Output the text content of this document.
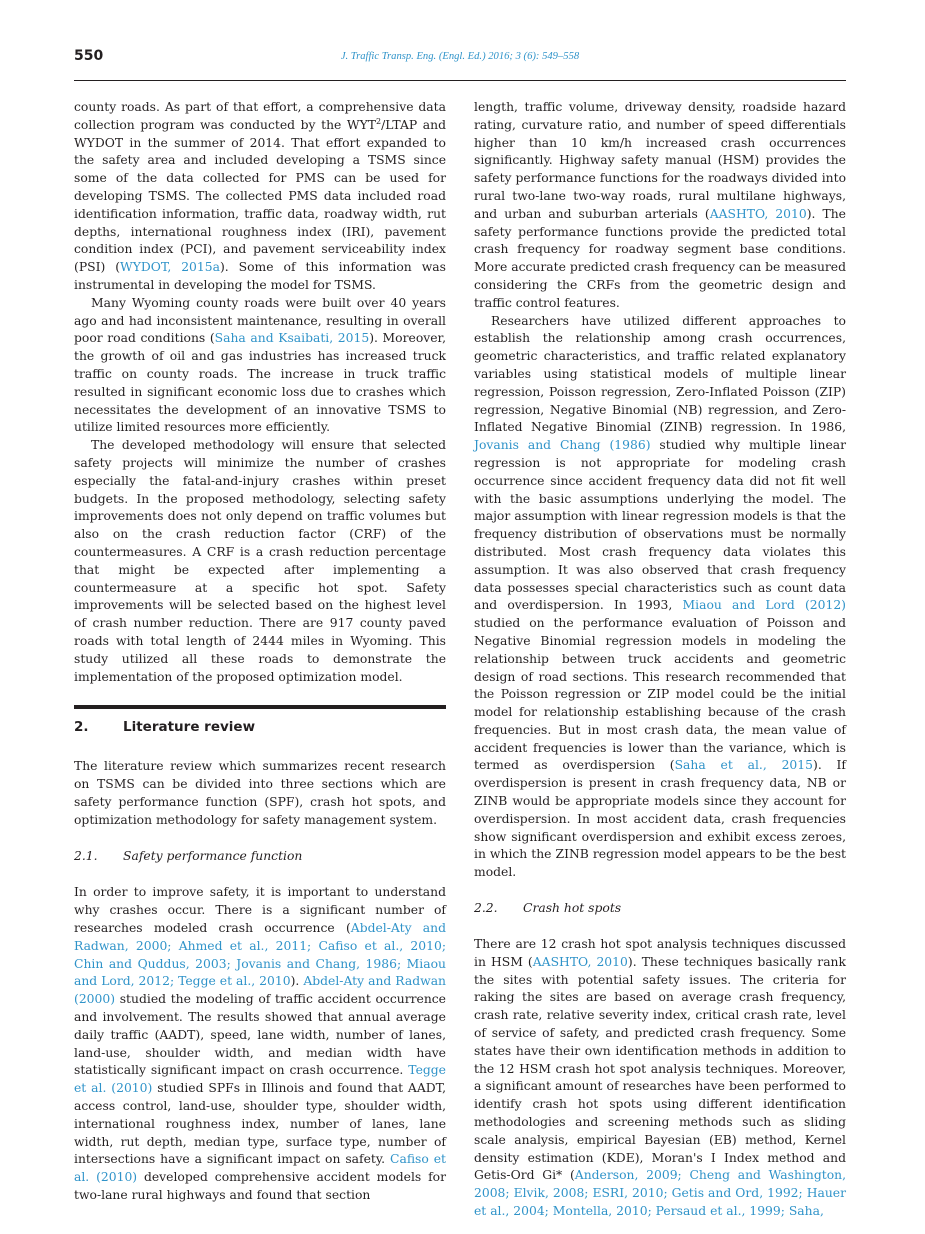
550	J. Traffic Transp. Eng. (Engl. Ed.) 2016; 3 (6): 549–558

county roads. As part of that effort, a comprehensive data collection program was conducted by the WYT$^2$/LTAP and WYDOT in the summer of 2014. That effort expanded to the safety area and included developing a TSMS since some of the data collected for PMS can be used for developing TSMS. The collected PMS data included road identification information, traffic data, roadway width, rut depths, international roughness index (IRI), pavement condition index (PCI), and pavement serviceability index (PSI) (WYDOT, 2015a). Some of this information was instrumental in developing the model for TSMS.

Many Wyoming county roads were built over 40 years ago and had inconsistent maintenance, resulting in overall poor road conditions (Saha and Ksaibati, 2015). Moreover, the growth of oil and gas industries has increased truck traffic on county roads. The increase in truck traffic resulted in significant economic loss due to crashes which necessitates the development of an innovative TSMS to utilize limited resources more efficiently.

The developed methodology will ensure that selected safety projects will minimize the number of crashes especially the fatal-and-injury crashes within preset budgets. In the proposed methodology, selecting safety improvements does not only depend on traffic volumes but also on the crash reduction factor (CRF) of the countermeasures. A CRF is a crash reduction percentage that might be expected after implementing a countermeasure at a specific hot spot. Safety improvements will be selected based on the highest level of crash number reduction. There are 917 county paved roads with total length of 2444 miles in Wyoming. This study utilized all these roads to demonstrate the implementation of the proposed optimization model.

2.	Literature review

The literature review which summarizes recent research on TSMS can be divided into three sections which are safety performance function (SPF), crash hot spots, and optimization methodology for safety management system.

2.1. Safety performance function

In order to improve safety, it is important to understand why crashes occur. There is a significant number of researches modeled crash occurrence (Abdel-Aty and Radwan, 2000; Ahmed et al., 2011; Cafiso et al., 2010; Chin and Quddus, 2003; Jovanis and Chang, 1986; Miaou and Lord, 2012; Tegge et al., 2010). Abdel-Aty and Radwan (2000) studied the modeling of traffic accident occurrence and involvement. The results showed that annual average daily traffic (AADT), speed, lane width, number of lanes, land-use, shoulder width, and median width have statistically significant impact on crash occurrence. Tegge et al. (2010) studied SPFs in Illinois and found that AADT, access control, land-use, shoulder type, shoulder width, international roughness index, number of lanes, lane width, rut depth, median type, surface type, number of intersections have a significant impact on safety. Cafiso et al. (2010) developed comprehensive accident models for two-lane rural highways and found that section

length, traffic volume, driveway density, roadside hazard rating, curvature ratio, and number of speed differentials higher than 10 km/h increased crash occurrences significantly. Highway safety manual (HSM) provides the safety performance functions for the roadways divided into rural two-lane two-way roads, rural multilane highways, and urban and suburban arterials (AASHTO, 2010). The safety performance functions provide the predicted total crash frequency for roadway segment base conditions. More accurate predicted crash frequency can be measured considering the CRFs from the geometric design and traffic control features.

Researchers have utilized different approaches to establish the relationship among crash occurrences, geometric characteristics, and traffic related explanatory variables using statistical models of multiple linear regression, Poisson regression, Zero-Inflated Poisson (ZIP) regression, Negative Binomial (NB) regression, and Zero-Inflated Negative Binomial (ZINB) regression. In 1986, Jovanis and Chang (1986) studied why multiple linear regression is not appropriate for modeling crash occurrence since accident frequency data did not fit well with the basic assumptions underlying the model. The major assumption with linear regression models is that the frequency distribution of observations must be normally distributed. Most crash frequency data violates this assumption. It was also observed that crash frequency data possesses special characteristics such as count data and overdispersion. In 1993, Miaou and Lord (2012) studied on the performance evaluation of Poisson and Negative Binomial regression models in modeling the relationship between truck accidents and geometric design of road sections. This research recommended that the Poisson regression or ZIP model could be the initial model for relationship establishing because of the crash frequencies. But in most crash data, the mean value of accident frequencies is lower than the variance, which is termed as overdispersion (Saha et al., 2015). If overdispersion is present in crash frequency data, NB or ZINB would be appropriate models since they account for overdispersion. In most accident data, crash frequencies show significant overdispersion and exhibit excess zeroes, in which the ZINB regression model appears to be the best model.

2.2. Crash hot spots

There are 12 crash hot spot analysis techniques discussed in HSM (AASHTO, 2010). These techniques basically rank the sites with potential safety issues. The criteria for raking the sites are based on average crash frequency, crash rate, relative severity index, critical crash rate, level of service of safety, and predicted crash frequency. Some states have their own identification methods in addition to the 12 HSM crash hot spot analysis techniques. Moreover, a significant amount of researches have been performed to identify crash hot spots using different identification methodologies and screening methods such as sliding scale analysis, empirical Bayesian (EB) method, Kernel density estimation (KDE), Moran's I Index method and Getis-Ord Gi* (Anderson, 2009; Cheng and Washington, 2008; Elvik, 2008; ESRI, 2010; Getis and Ord, 1992; Hauer et al., 2004; Montella, 2010; Persaud et al., 1999; Saha,
